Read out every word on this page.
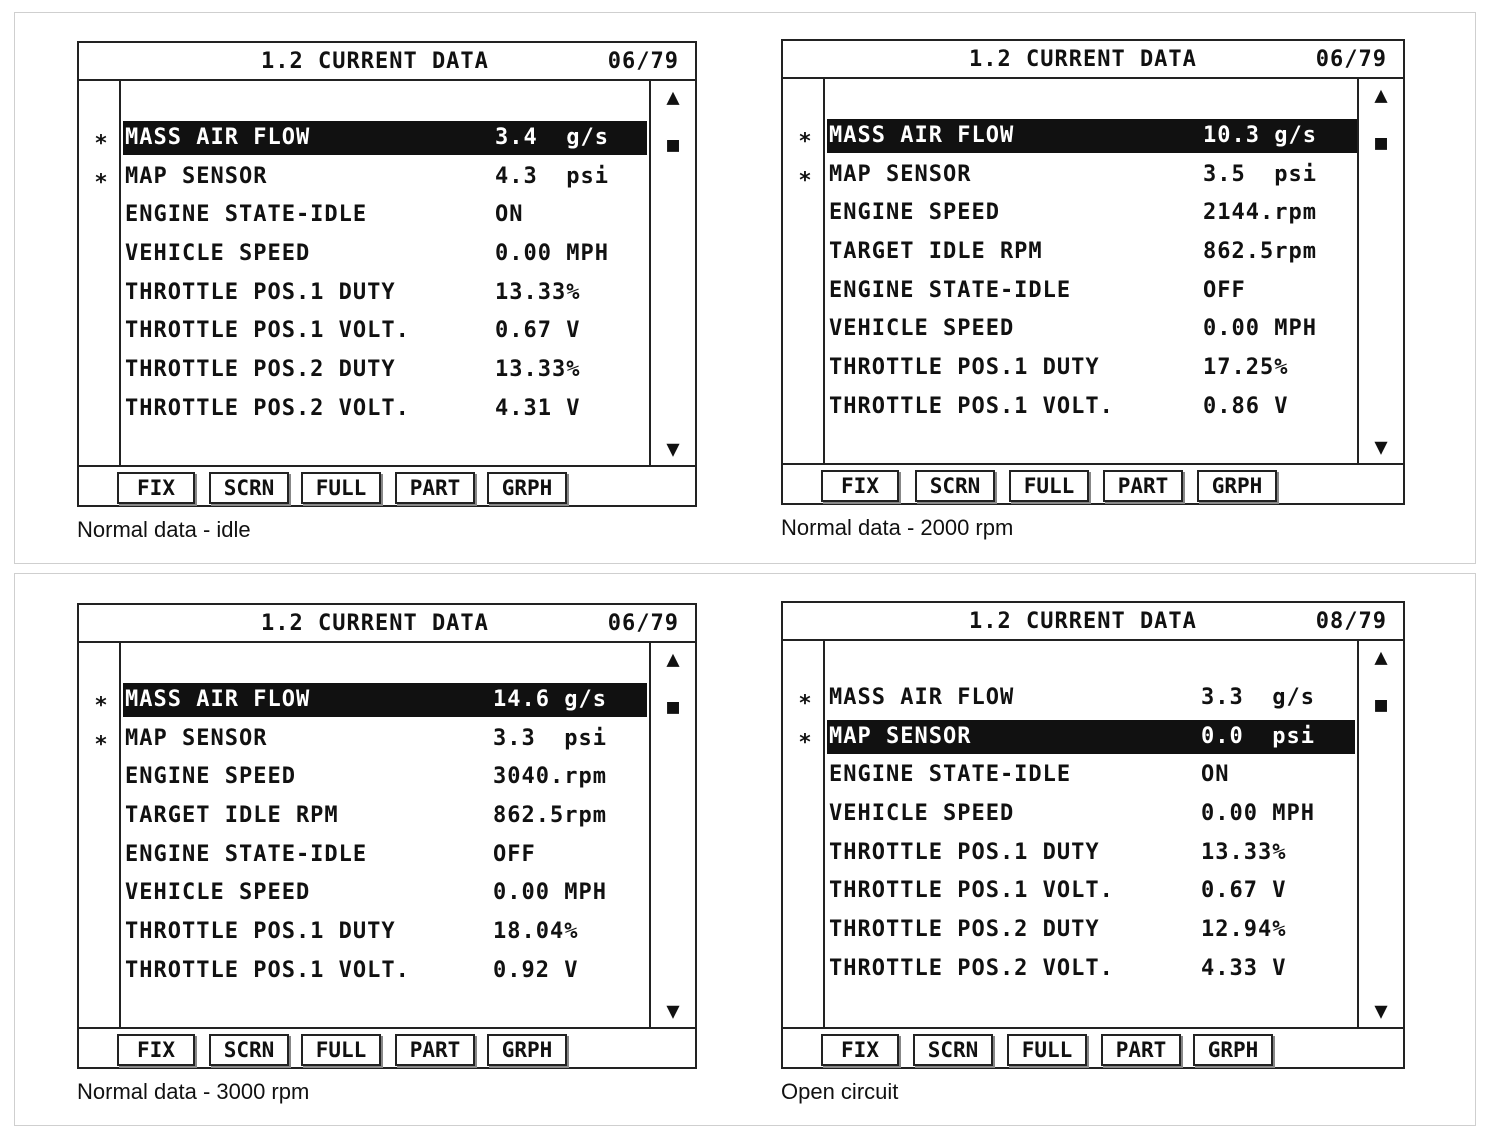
1.2 CURRENT DATA	06/79
▲
■
▼
∗ MASS AIR FLOW	3.4  g/s
∗ MAP SENSOR	4.3  psi
ENGINE STATE-IDLE	ON
VEHICLE SPEED	0.00 MPH
THROTTLE POS.1 DUTY	13.33%
THROTTLE POS.1 VOLT.	0.67 V
THROTTLE POS.2 DUTY	13.33%
THROTTLE POS.2 VOLT.	4.31 V
FIX	SCRN	FULL	PART	GRPH
Normal data - idle
1.2 CURRENT DATA	06/79
▲
■
▼
∗ MASS AIR FLOW	10.3 g/s
∗ MAP SENSOR	3.5  psi
ENGINE SPEED	2144.rpm
TARGET IDLE RPM	862.5rpm
ENGINE STATE-IDLE	OFF
VEHICLE SPEED	0.00 MPH
THROTTLE POS.1 DUTY	17.25%
THROTTLE POS.1 VOLT.	0.86 V
FIX	SCRN	FULL	PART	GRPH
Normal data - 2000 rpm
1.2 CURRENT DATA	06/79
▲
■
▼
∗ MASS AIR FLOW	14.6 g/s
∗ MAP SENSOR	3.3  psi
ENGINE SPEED	3040.rpm
TARGET IDLE RPM	862.5rpm
ENGINE STATE-IDLE	OFF
VEHICLE SPEED	0.00 MPH
THROTTLE POS.1 DUTY	18.04%
THROTTLE POS.1 VOLT.	0.92 V
FIX	SCRN	FULL	PART	GRPH
Normal data - 3000 rpm
1.2 CURRENT DATA	08/79
▲
■
▼
∗ MASS AIR FLOW	3.3  g/s
∗ MAP SENSOR	0.0  psi
ENGINE STATE-IDLE	ON
VEHICLE SPEED	0.00 MPH
THROTTLE POS.1 DUTY	13.33%
THROTTLE POS.1 VOLT.	0.67 V
THROTTLE POS.2 DUTY	12.94%
THROTTLE POS.2 VOLT.	4.33 V
FIX	SCRN	FULL	PART	GRPH
Open circuit
